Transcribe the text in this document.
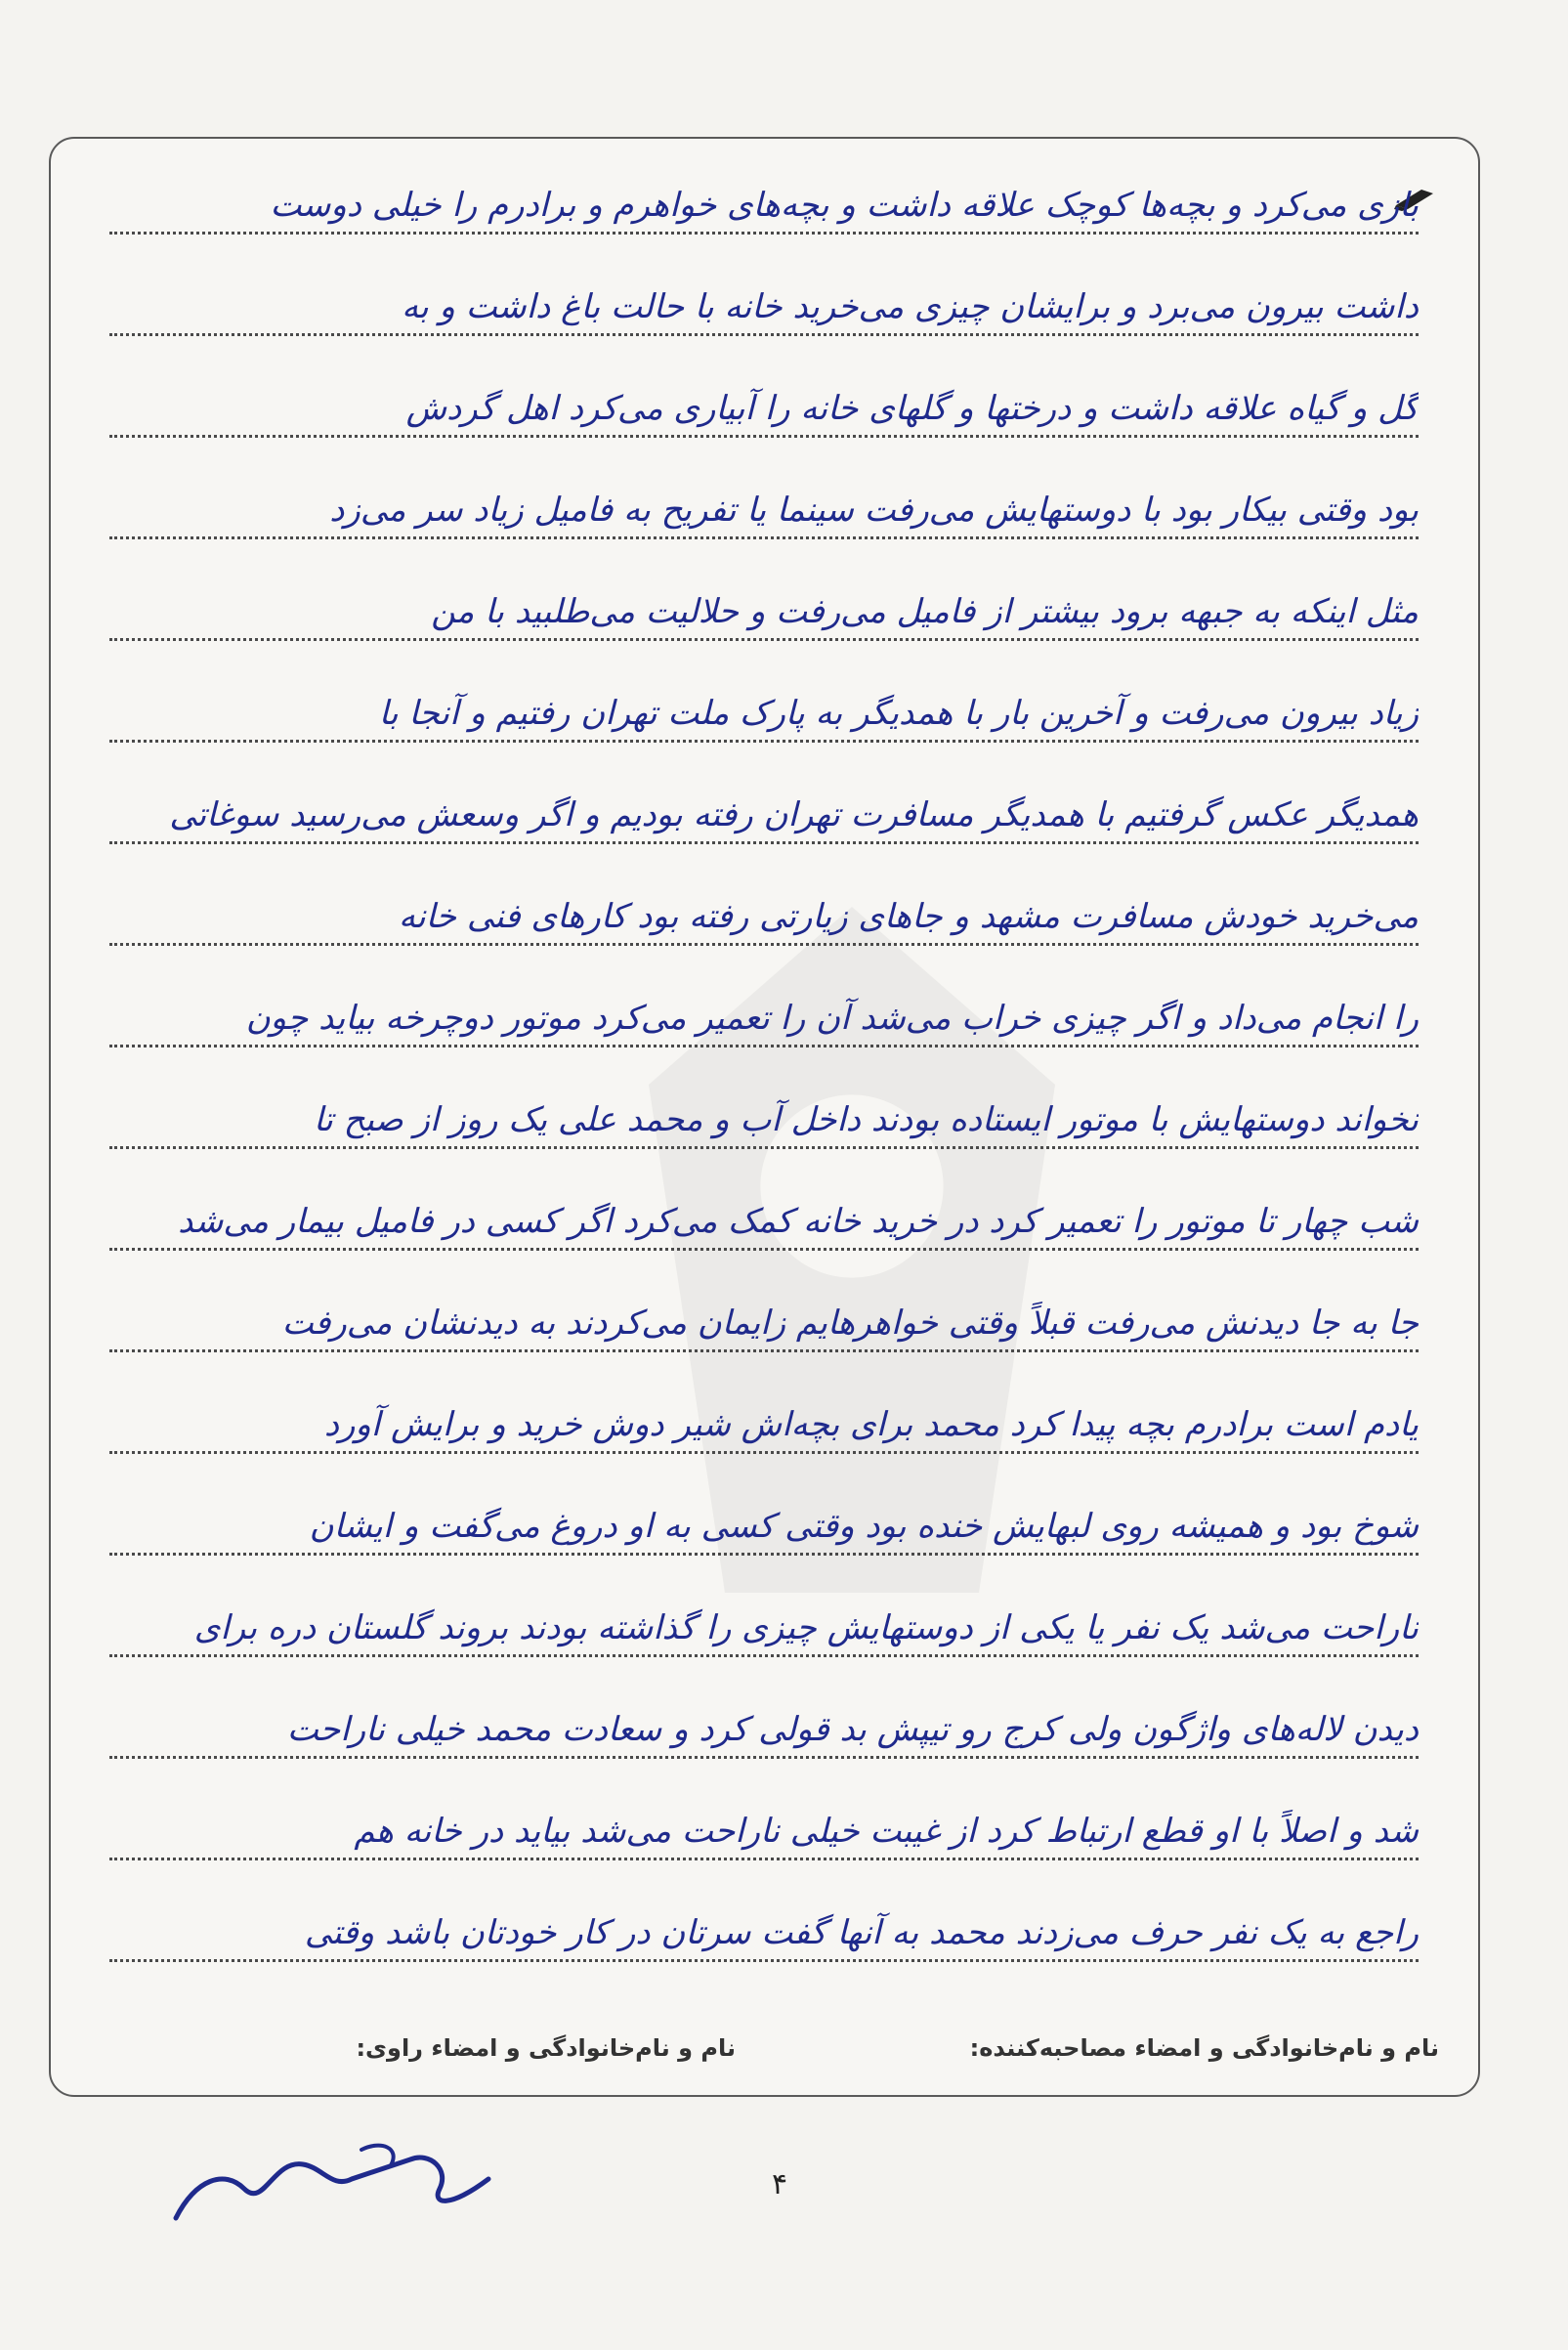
بازی می‌کرد و بچه‌ها کوچک علاقه داشت و بچه‌های خواهرم و برادرم را خیلی دوست
داشت بیرون می‌برد و برایشان چیزی می‌خرید خانه با حالت باغ داشت و به
گل و گیاه علاقه داشت و درختها و گلهای خانه را آبیاری می‌کرد اهل گردش
بود وقتی بیکار بود با دوستهایش می‌رفت سینما یا تفریح به فامیل زیاد سر می‌زد
مثل اینکه به جبهه برود بیشتر از فامیل می‌رفت و حلالیت می‌طلبید با من
زیاد بیرون می‌رفت و آخرین بار با همدیگر به پارک ملت تهران رفتیم و آنجا با
همدیگر عکس گرفتیم با همدیگر مسافرت تهران رفته بودیم و اگر وسعش می‌رسید سوغاتی
می‌خرید خودش مسافرت مشهد و جاهای زیارتی رفته بود کارهای فنی خانه
را انجام می‌داد و اگر چیزی خراب می‌شد آن را تعمیر می‌کرد موتور دوچرخه بیاید چون
نخواند دوستهایش با موتور ایستاده بودند داخل آب و محمد علی یک روز از صبح تا
شب چهار تا موتور را تعمیر کرد در خرید خانه کمک می‌کرد اگر کسی در فامیل بیمار می‌شد
جا به جا دیدنش می‌رفت قبلاً وقتی خواهرهایم زایمان می‌کردند به دیدنشان می‌رفت
یادم است برادرم بچه پیدا کرد محمد برای بچه‌اش شیر دوش خرید و برایش آورد
شوخ بود و همیشه روی لبهایش خنده بود وقتی کسی به او دروغ می‌گفت و ایشان
ناراحت می‌شد یک نفر یا یکی از دوستهایش چیزی را گذاشته بودند بروند گلستان دره برای
دیدن لاله‌های واژگون ولی کرج رو تیپش بد قولی کرد و سعادت محمد خیلی ناراحت
شد و اصلاً با او قطع ارتباط کرد از غیبت خیلی ناراحت می‌شد بیاید در خانه هم
راجع به یک نفر حرف می‌زدند محمد به آنها گفت سرتان در کار خودتان باشد وقتی
نام و نام‌خانوادگی و امضاء مصاحبه‌کننده:
نام و نام‌خانوادگی و امضاء راوی:
۴
